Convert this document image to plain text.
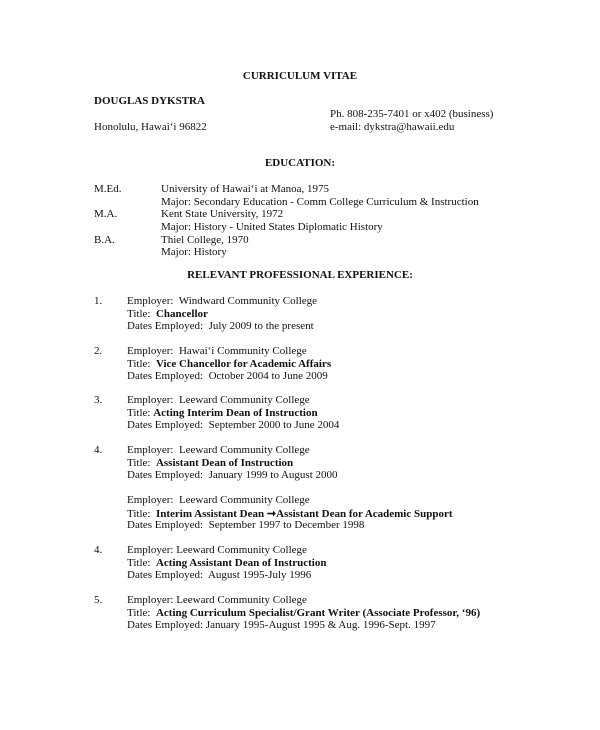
CURRICULUM VITAE
DOUGLAS DYKSTRA
Ph. 808-235-7401 or x402 (business)
Honolulu, Hawai‘i 96822	e-mail: dykstra@hawaii.edu
EDUCATION:
M.Ed.	University of Hawai‘i at Manoa, 1975
Major: Secondary Education - Comm College Curriculum & Instruction
M.A.	Kent State University, 1972
Major: History - United States Diplomatic History
B.A.	Thiel College, 1970
Major: History
RELEVANT PROFESSIONAL EXPERIENCE:
1. Employer: Windward Community College
Title: Chancellor
Dates Employed: July 2009 to the present
2. Employer: Hawai‘i Community College
Title: Vice Chancellor for Academic Affairs
Dates Employed: October 2004 to June 2009
3. Employer: Leeward Community College
Title: Acting Interim Dean of Instruction
Dates Employed: September 2000 to June 2004
4. Employer: Leeward Community College
Title: Assistant Dean of Instruction
Dates Employed: January 1999 to August 2000
Employer: Leeward Community College
Title: Interim Assistant Dean ➞Assistant Dean for Academic Support
Dates Employed: September 1997 to December 1998
4. Employer: Leeward Community College
Title: Acting Assistant Dean of Instruction
Dates Employed: August 1995-July 1996
5. Employer: Leeward Community College
Title: Acting Curriculum Specialist/Grant Writer (Associate Professor, ‘96)
Dates Employed: January 1995-August 1995 & Aug. 1996-Sept. 1997
